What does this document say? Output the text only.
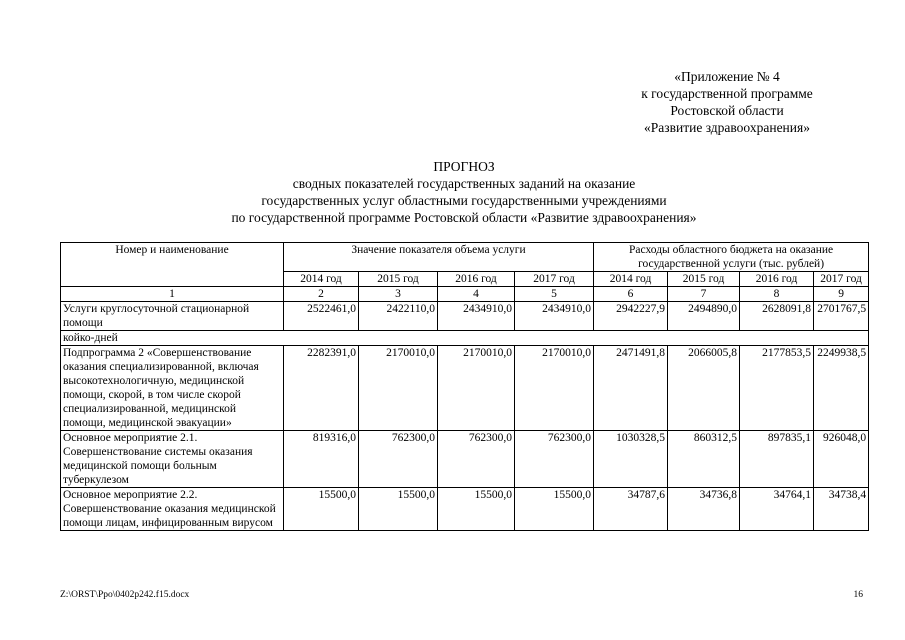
«Приложение № 4
к государственной программе
Ростовской области
«Развитие здравоохранения»
ПРОГНОЗ
сводных показателей государственных заданий на оказание
государственных услуг областными государственными учреждениями
по государственной программе Ростовской области «Развитие здравоохранения»
Номер и наименование	Значение показателя объема услуги				Расходы областного бюджета на оказание государственной услуги (тыс. рублей)			
	2014 год	2015 год	2016 год	2017 год	2014 год	2015 год	2016 год	2017 год
1	2	3	4	5	6	7	8	9
Услуги круглосуточной стационарной помощи	2522461,0	2422110,0	2434910,0	2434910,0	2942227,9	2494890,0	2628091,8	2701767,5
койко-дней								
Подпрограмма 2 «Совершенствование оказания специализированной, включая высокотехнологичную, медицинской помощи, скорой, в том числе скорой специализированной, медицинской помощи, медицинской эвакуации»	2282391,0	2170010,0	2170010,0	2170010,0	2471491,8	2066005,8	2177853,5	2249938,5
Основное мероприятие 2.1. Совершенствование системы оказания медицинской помощи больным туберкулезом	819316,0	762300,0	762300,0	762300,0	1030328,5	860312,5	897835,1	926048,0
Основное мероприятие 2.2. Совершенствование оказания медицинской помощи лицам, инфицированным вирусом	15500,0	15500,0	15500,0	15500,0	34787,6	34736,8	34764,1	34738,4
Z:\ORST\Ppo\0402p242.f15.docx	16
